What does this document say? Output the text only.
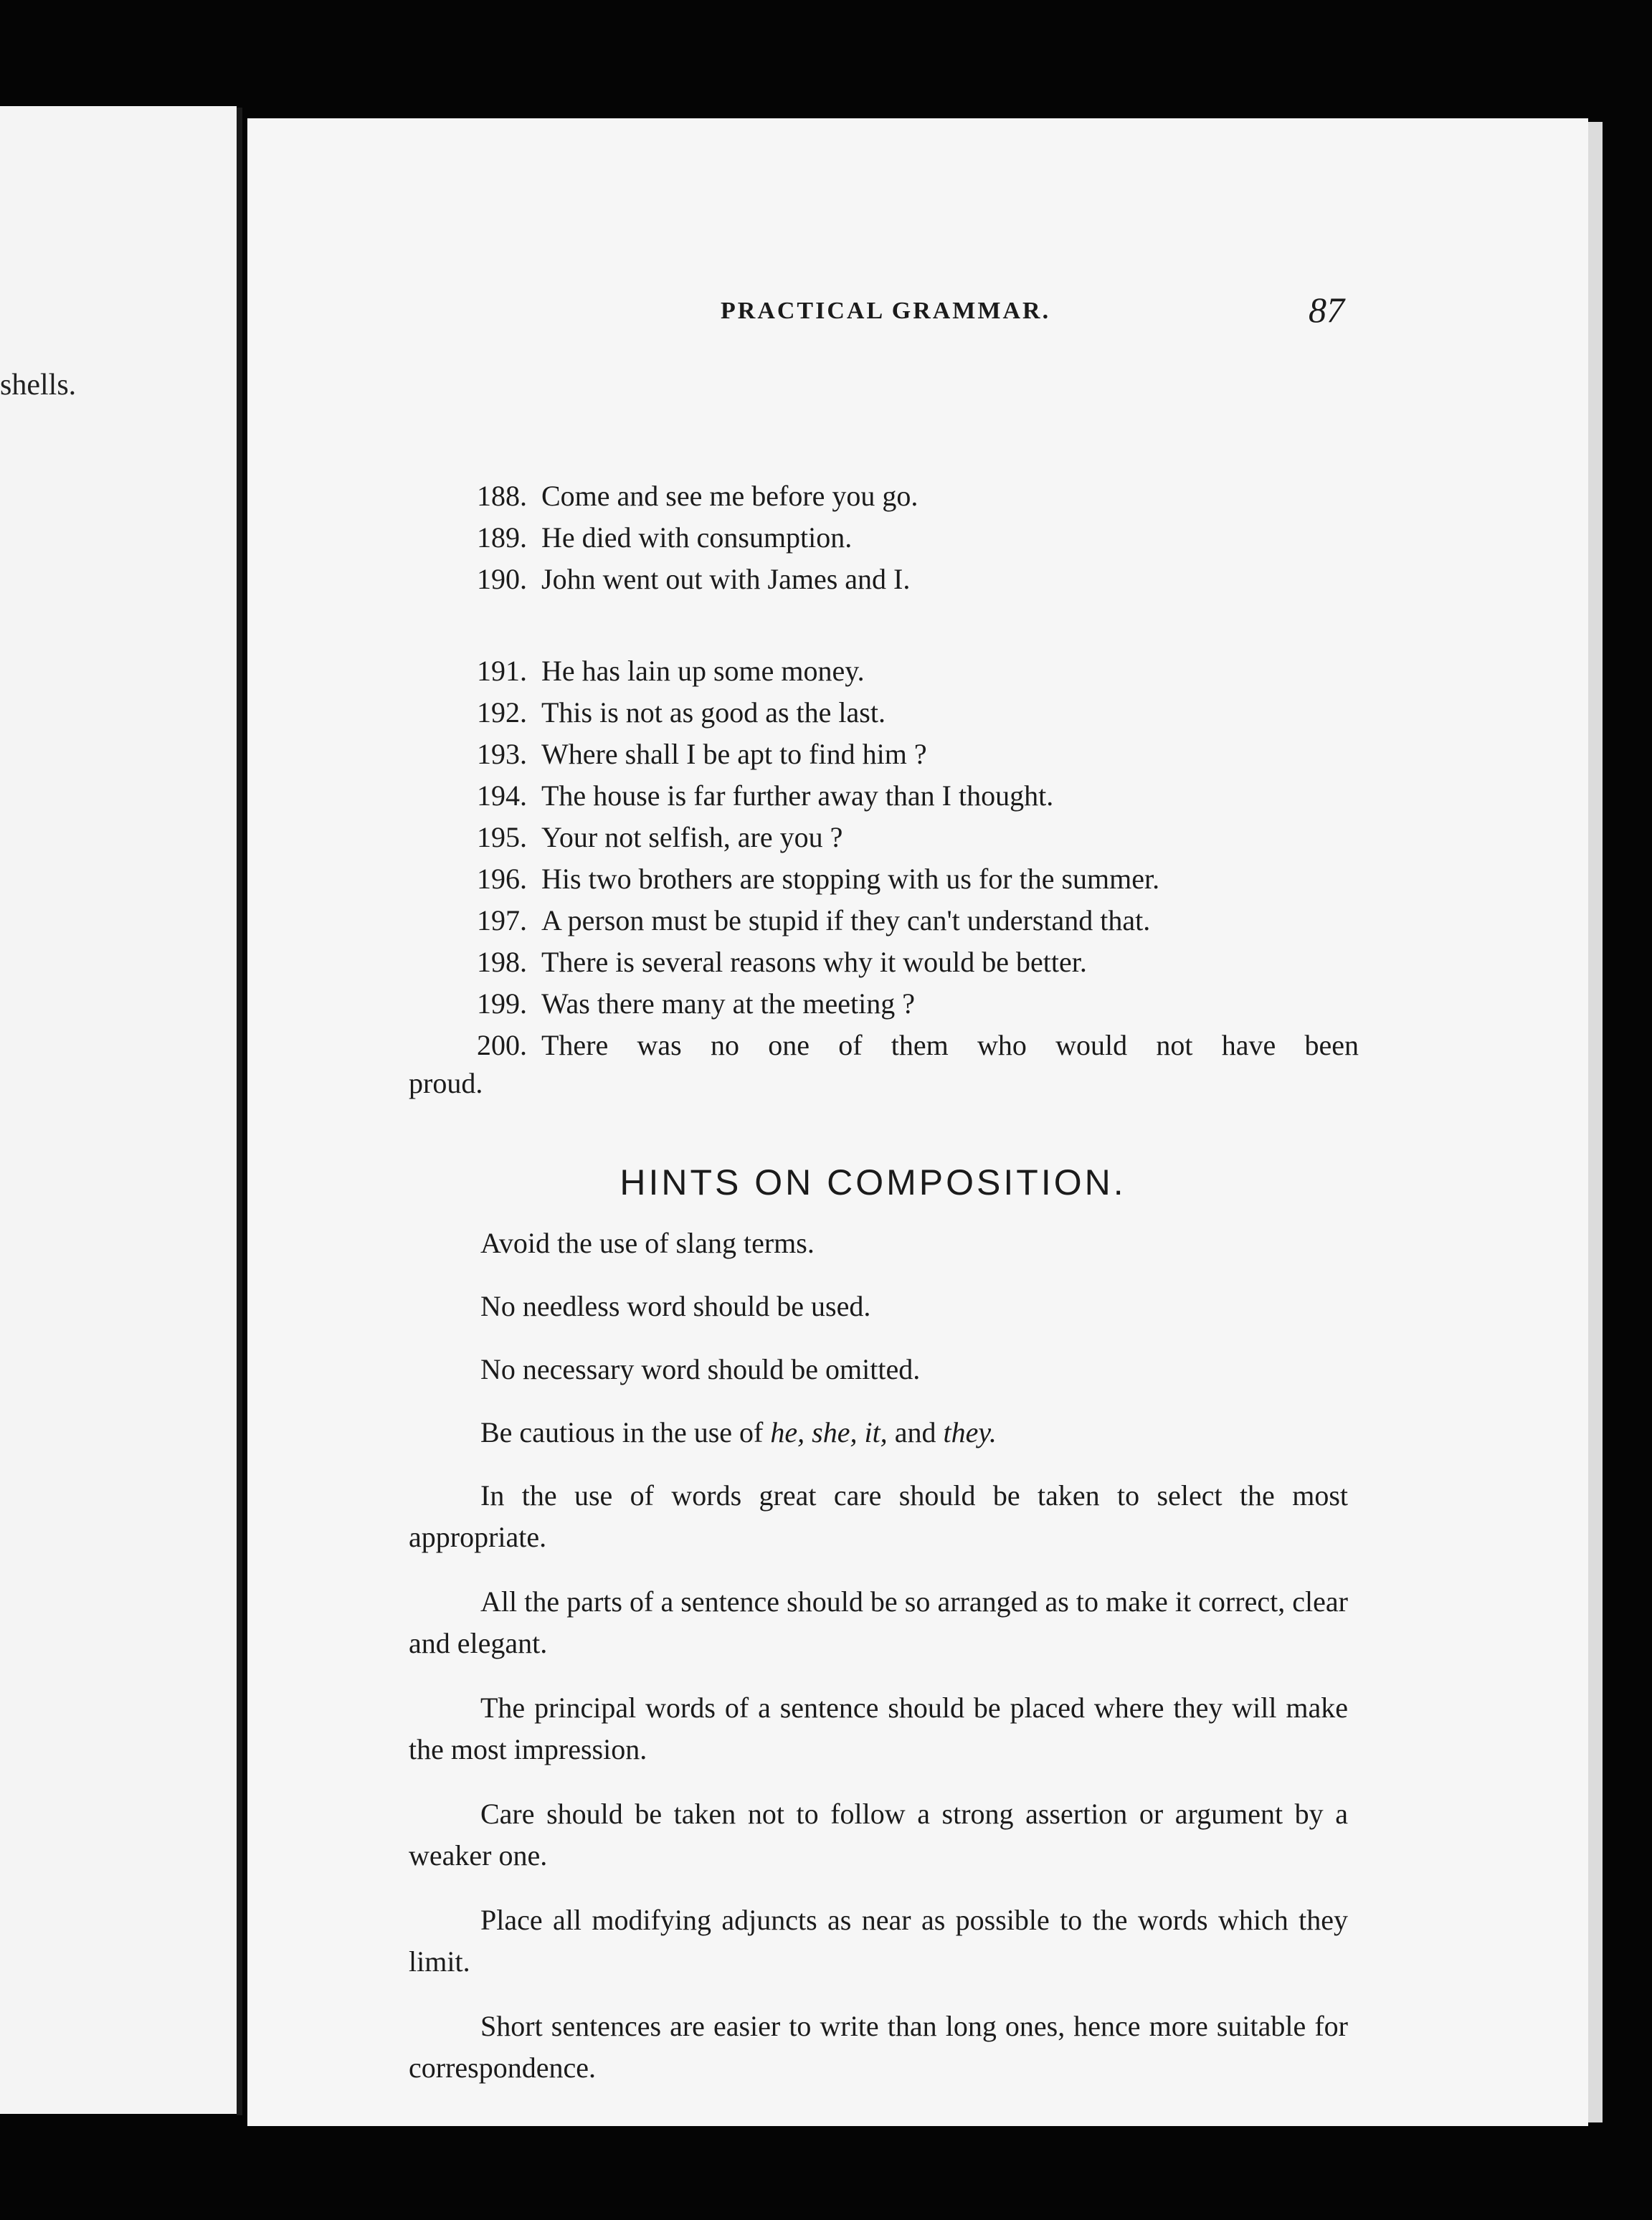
shells.
PRACTICAL GRAMMAR.	87
188. Come and see me before you go.
189. He died with consumption.
190. John went out with James and I.
191. He has lain up some money.
192. This is not as good as the last.
193. Where shall I be apt to find him ?
194. The house is far further away than I thought.
195. Your not selfish, are you ?
196. His two brothers are stopping with us for the summer.
197. A person must be stupid if they can't understand that.
198. There is several reasons why it would be better.
199. Was there many at the meeting ?
200. There was no one of them who would not have been
proud.
HINTS ON COMPOSITION.

Avoid the use of slang terms.

No needless word should be used.

No necessary word should be omitted.

Be cautious in the use of he, she, it, and they.

In the use of words great care should be taken to select the most appropriate.

All the parts of a sentence should be so arranged as to make it correct, clear and elegant.

The principal words of a sentence should be placed where they will make the most impression.

Care should be taken not to follow a strong assertion or argument by a weaker one.

Place all modifying adjuncts as near as possible to the words which they limit.

Short sentences are easier to write than long ones, hence more suitable for correspondence.
